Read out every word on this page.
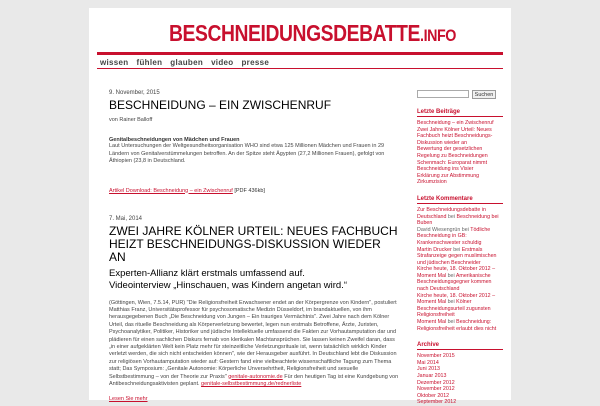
BESCHNEIDUNGSDEBATTE.INFO
wissen	fühlen	glauben	video	presse
9. November, 2015
BESCHNEIDUNG – EIN ZWISCHENRUF
von Rainer Balloff
Genitalbeschneidungen von Mädchen und Frauen
Laut Untersuchungen der Weltgesundheitsorganisation WHO sind etwa 125 Millionen Mädchen und Frauen in 29 Ländern von Genitalverstümmelungen betroffen. An der Spitze steht Ägypten (27,2 Millionen Frauen), gefolgt von Äthiopien (23,8 in Deutschland.
Artikel Download: Beschneidung – ein Zwischenruf [PDF 436kb]
7. Mai, 2014
ZWEI JAHRE KÖLNER URTEIL: NEUES FACHBUCH HEIZT BESCHNEIDUNGS-DISKUSSION WIEDER AN
Experten-Allianz klärt erstmals umfassend auf.
Videointerview „Hinschauen, was Kindern angetan wird.“
(Göttingen, Wien, 7.5.14, PUR) "Die Religionsfreiheit Erwachsener endet an der Körpergrenze von Kindern", postuliert Matthias Franz, Universitätsprofessor für psychosomatische Medizin Düsseldorf, im brandaktuellen, von ihm herausgegebenen Buch „Die Beschneidung von Jungen – Ein trauriges Vermächtnis". Zwei Jahre nach dem Kölner Urteil, das rituelle Beschneidung als Körperverletzung bewertet, legen nun erstmals Betroffene, Ärzte, Juristen, Psychoanalytiker, Politiker, Historiker und jüdische Intellektuelle umfassend die Fakten zur Vorhautamputation dar und plädieren für einen sachlichen Diskurs fernab von klerikalen Machtansprüchen. Sie lassen keinen Zweifel daran, dass „in einer aufgeklärten Welt kein Platz mehr für steinzeitliche Verletzungsrituale ist, wenn tatsächlich wirklich Kinder verletzt werden, die sich nicht entscheiden können", wie der Herausgeber ausführt. In Deutschland lebt die Diskussion zur religiösen Vorhautamputation wieder auf: Gestern fand eine vielbeachtete wissenschaftliche Tagung zum Thema statt; Das Symposium: „Genitale Autonomie: Körperliche Unversehrtheit, Religionsfreiheit und sexuelle Selbstbestimmung – von der Theorie zur Praxis" genitale-autonomie.de Für den heutigen Tag ist eine Kundgebung von Antibeschneidungsaktivisten geplant. genitale-selbstbestimmung.de/rednerliste
Lesen Sie mehr
Suchen
Letzte Beiträge
Beschneidung – ein Zwischenruf
Zwei Jahre Kölner Urteil: Neues Fachbuch heizt Beschneidungs-Diskussion wieder an
Bewertung der gesetzlichen Regelung zu Beschneidungen
Schenmach: Europarat nimmt Beschneidung ins Visier
Erklärung zur Abstimmung Zirkumzision
Letzte Kommentare
Zur Beschneidungsdebatte in Deutschland bei Beschneidung bei Buben
David Wiesengrün bei Tödliche Beschneidung in GB: Krankenschwester schuldig
Martin Drucker bei Erstmals Strafanzeige gegen muslimischen und jüdischen Beschneider
Kirche heute, 18. Oktober 2012 – Moment Mal bei Amerikanische Beschneidungsgegner kommen nach Deutschland
Kirche heute, 18. Oktober 2012 – Moment Mal bei Kölner Beschneidungsurteil zugunsten Religionsfreiheit
Moment Mal bei Beschneidung: Religionsfreiheit erlaubt dies nicht
Archive
November 2015
Mai 2014
Juni 2013
Januar 2013
Dezember 2012
November 2012
Oktober 2012
September 2012
